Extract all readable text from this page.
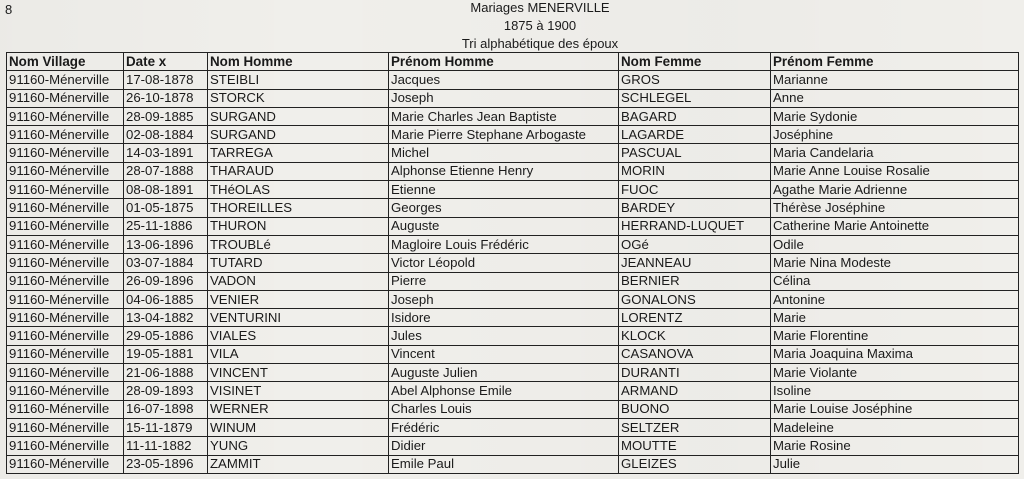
8	Mariages MENERVILLE
1875 à 1900
Tri alphabétique des époux
Nom Village	Date x	Nom Homme	Prénom Homme	Nom Femme	Prénom Femme
91160-Ménerville	17-08-1878	STEIBLI	Jacques	GROS	Marianne
91160-Ménerville	26-10-1878	STORCK	Joseph	SCHLEGEL	Anne
91160-Ménerville	28-09-1885	SURGAND	Marie Charles Jean Baptiste	BAGARD	Marie Sydonie
91160-Ménerville	02-08-1884	SURGAND	Marie Pierre Stephane Arbogaste	LAGARDE	Joséphine
91160-Ménerville	14-03-1891	TARREGA	Michel	PASCUAL	Maria Candelaria
91160-Ménerville	28-07-1888	THARAUD	Alphonse Etienne Henry	MORIN	Marie Anne Louise Rosalie
91160-Ménerville	08-08-1891	THéOLAS	Etienne	FUOC	Agathe Marie Adrienne
91160-Ménerville	01-05-1875	THOREILLES	Georges	BARDEY	Thérèse Joséphine
91160-Ménerville	25-11-1886	THURON	Auguste	HERRAND-LUQUET	Catherine Marie Antoinette
91160-Ménerville	13-06-1896	TROUBLé	Magloire Louis Frédéric	OGé	Odile
91160-Ménerville	03-07-1884	TUTARD	Victor Léopold	JEANNEAU	Marie Nina Modeste
91160-Ménerville	26-09-1896	VADON	Pierre	BERNIER	Célina
91160-Ménerville	04-06-1885	VENIER	Joseph	GONALONS	Antonine
91160-Ménerville	13-04-1882	VENTURINI	Isidore	LORENTZ	Marie
91160-Ménerville	29-05-1886	VIALES	Jules	KLOCK	Marie Florentine
91160-Ménerville	19-05-1881	VILA	Vincent	CASANOVA	Maria Joaquina Maxima
91160-Ménerville	21-06-1888	VINCENT	Auguste Julien	DURANTI	Marie Violante
91160-Ménerville	28-09-1893	VISINET	Abel Alphonse Emile	ARMAND	Isoline
91160-Ménerville	16-07-1898	WERNER	Charles Louis	BUONO	Marie Louise Joséphine
91160-Ménerville	15-11-1879	WINUM	Frédéric	SELTZER	Madeleine
91160-Ménerville	11-11-1882	YUNG	Didier	MOUTTE	Marie Rosine
91160-Ménerville	23-05-1896	ZAMMIT	Emile Paul	GLEIZES	Julie
